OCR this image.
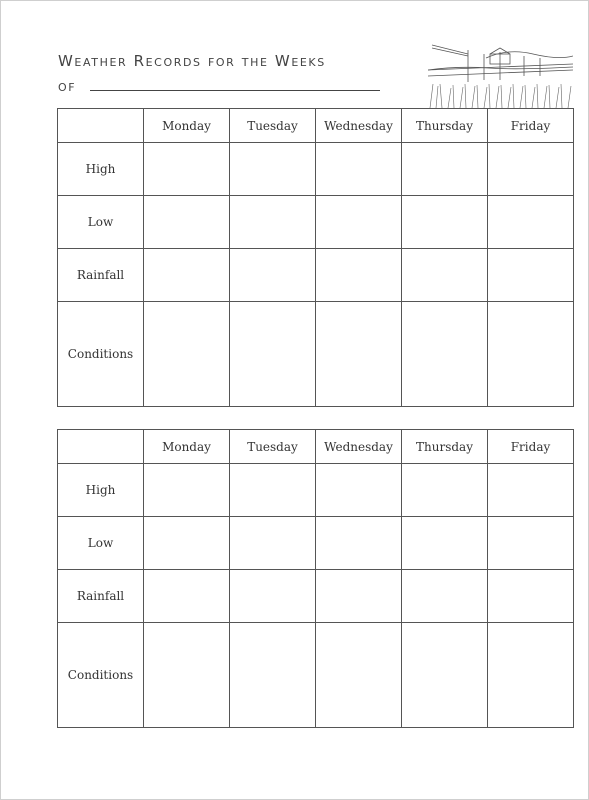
Weather Records for the Weeks
of
	Monday	Tuesday	Wednesday	Thursday	Friday
High					
Low					
Rainfall					
Conditions					
	Monday	Tuesday	Wednesday	Thursday	Friday
High					
Low					
Rainfall					
Conditions					
